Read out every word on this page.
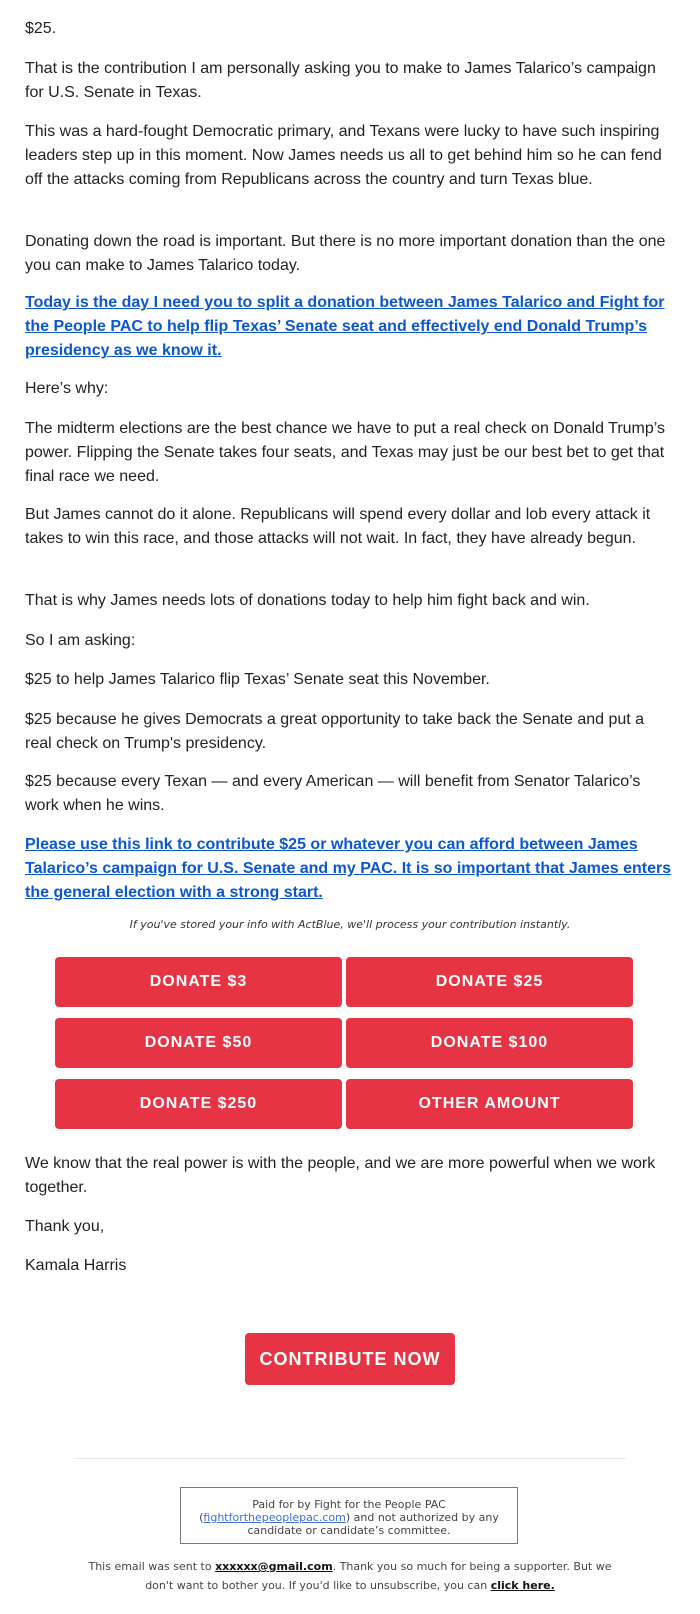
$25.

That is the contribution I am personally asking you to make to James Talarico’s campaign for U.S. Senate in Texas.

This was a hard-fought Democratic primary, and Texans were lucky to have such inspiring leaders step up in this moment. Now James needs us all to get behind him so he can fend off the attacks coming from Republicans across the country and turn Texas blue.

Donating down the road is important. But there is no more important donation than the one you can make to James Talarico today.

Today is the day I need you to split a donation between James Talarico and Fight for the People PAC to help flip Texas’ Senate seat and effectively end Donald Trump’s presidency as we know it.

Here’s why:

The midterm elections are the best chance we have to put a real check on Donald Trump’s power. Flipping the Senate takes four seats, and Texas may just be our best bet to get that final race we need.

But James cannot do it alone. Republicans will spend every dollar and lob every attack it takes to win this race, and those attacks will not wait. In fact, they have already begun.

That is why James needs lots of donations today to help him fight back and win.

So I am asking:

$25 to help James Talarico flip Texas’ Senate seat this November.

$25 because he gives Democrats a great opportunity to take back the Senate and put a real check on Trump's presidency.

$25 because every Texan — and every American — will benefit from Senator Talarico’s work when he wins.

Please use this link to contribute $25 or whatever you can afford between James Talarico’s campaign for U.S. Senate and my PAC. It is so important that James enters the general election with a strong start.

We know that the real power is with the people, and we are more powerful when we work together.

Thank you,

Kamala Harris

If you've stored your info with ActBlue, we'll process your contribution instantly.
DONATE $3	DONATE $25
DONATE $50	DONATE $100
DONATE $250	OTHER AMOUNT
CONTRIBUTE NOW
Paid for by Fight for the People PAC
(fightforthepeoplepac.com) and not authorized by any
candidate or candidate’s committee.
This email was sent to xxxxxx@gmail.com. Thank you so much for being a supporter. But we don't want to bother you. If you'd like to unsubscribe, you can click here.
